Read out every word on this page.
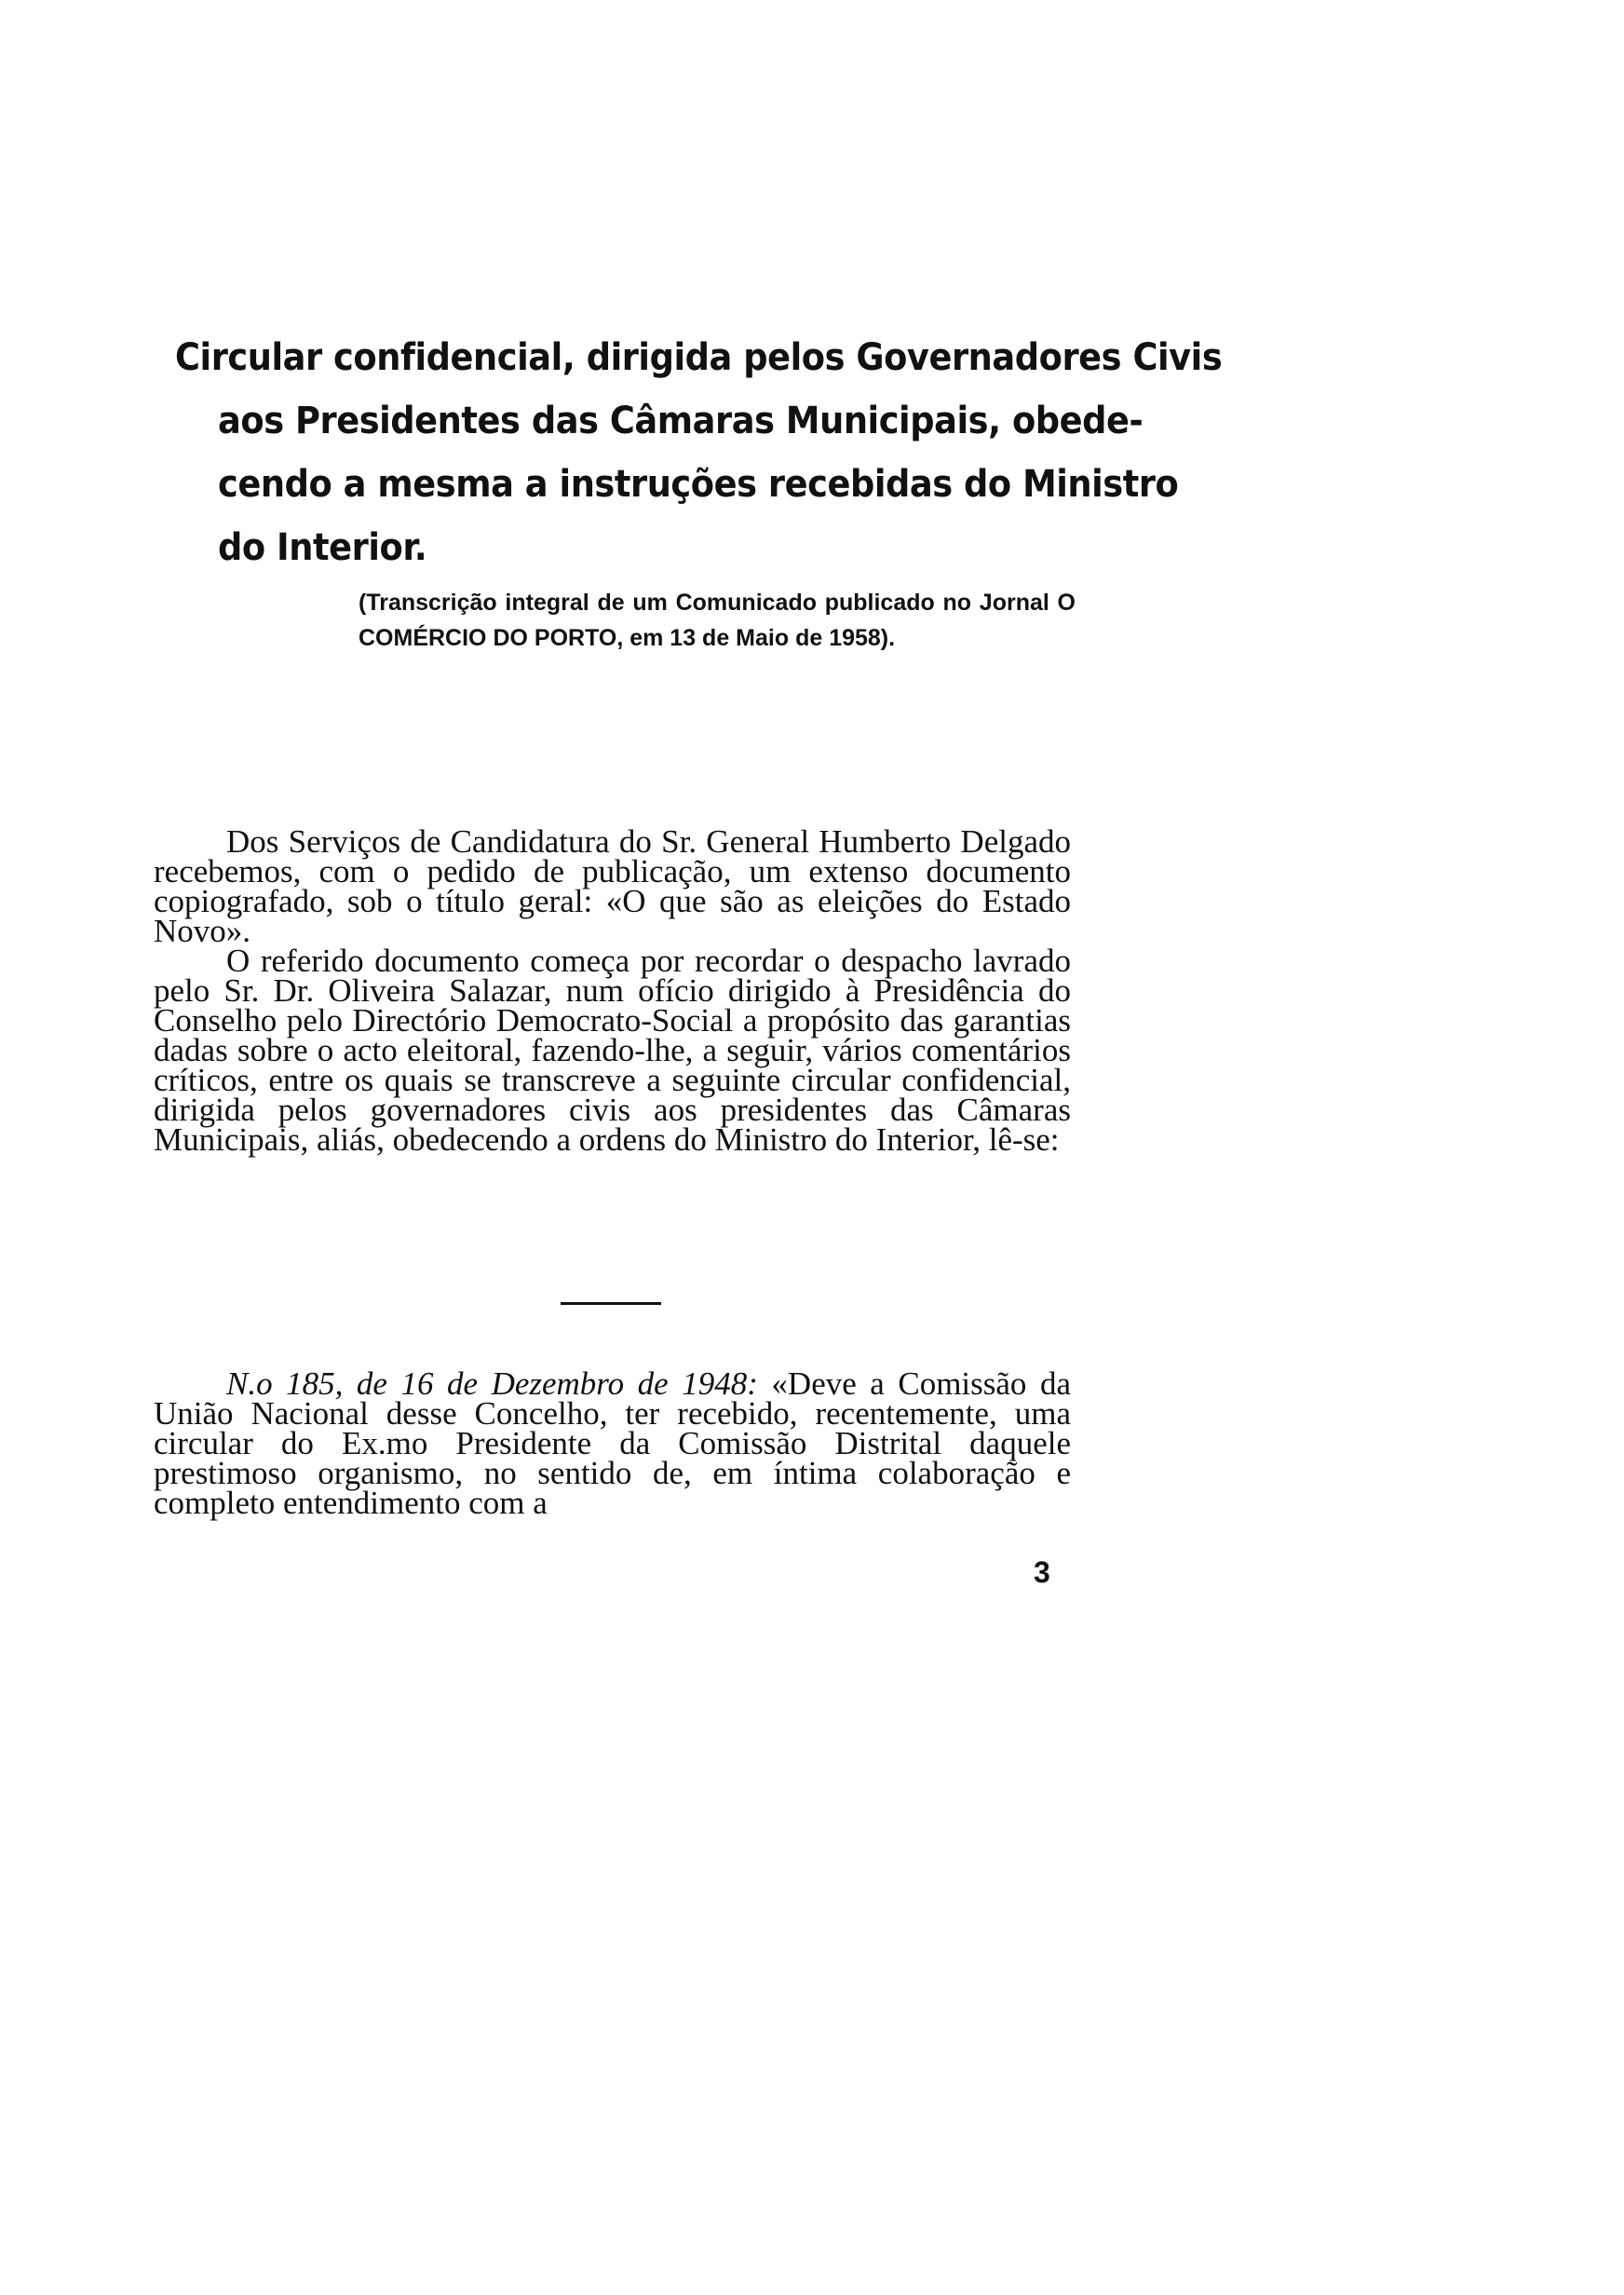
Circular confidencial, dirigida pelos Governadores Civis
aos Presidentes das Câmaras Municipais, obede-
cendo a mesma a instruções recebidas do Ministro
do Interior.
(Transcrição integral de um Comunicado publicado no Jornal O COMÉRCIO DO PORTO, em 13 de Maio de 1958).

Dos Serviços de Candidatura do Sr. General Humberto Delgado recebemos, com o pedido de publicação, um extenso documento copiografado, sob o título geral: «O que são as eleições do Estado Novo».

O referido documento começa por recordar o despacho lavrado pelo Sr. Dr. Oliveira Salazar, num ofício dirigido à Presidência do Conselho pelo Directório Democrato-Social a propósito das garantias dadas sobre o acto eleitoral, fazendo-lhe, a seguir, vários comentários críticos, entre os quais se transcreve a seguinte circular confidencial, dirigida pelos governadores civis aos presidentes das Câmaras Municipais, aliás, obedecendo a ordens do Ministro do Interior, lê-se:

N.o 185, de 16 de Dezembro de 1948: «Deve a Comissão da União Nacional desse Concelho, ter recebido, recentemente, uma circular do Ex.mo Presidente da Comissão Distrital daquele prestimoso organismo, no sentido de, em íntima colaboração e completo entendimento com a

3
